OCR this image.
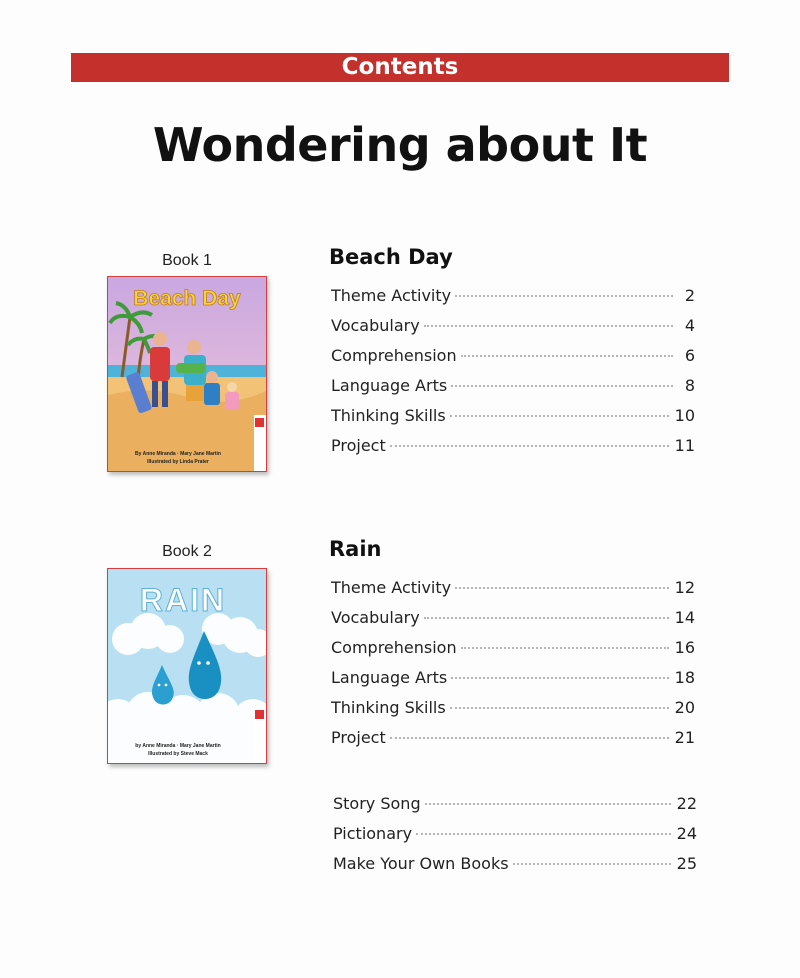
Contents
Wondering about It
Book 1
Beach Day
By Anne Miranda · Mary Jane Martin
Illustrated by Linda Prater
Beach Day
Theme Activity	2
Vocabulary	4
Comprehension	6
Language Arts	8
Thinking Skills	10
Project	11
Book 2
RAIN
by Anne Miranda · Mary Jane Martin
Illustrated by Steve Mack
Rain
Theme Activity	12
Vocabulary	14
Comprehension	16
Language Arts	18
Thinking Skills	20
Project	21
Story Song	22
Pictionary	24
Make Your Own Books	25
